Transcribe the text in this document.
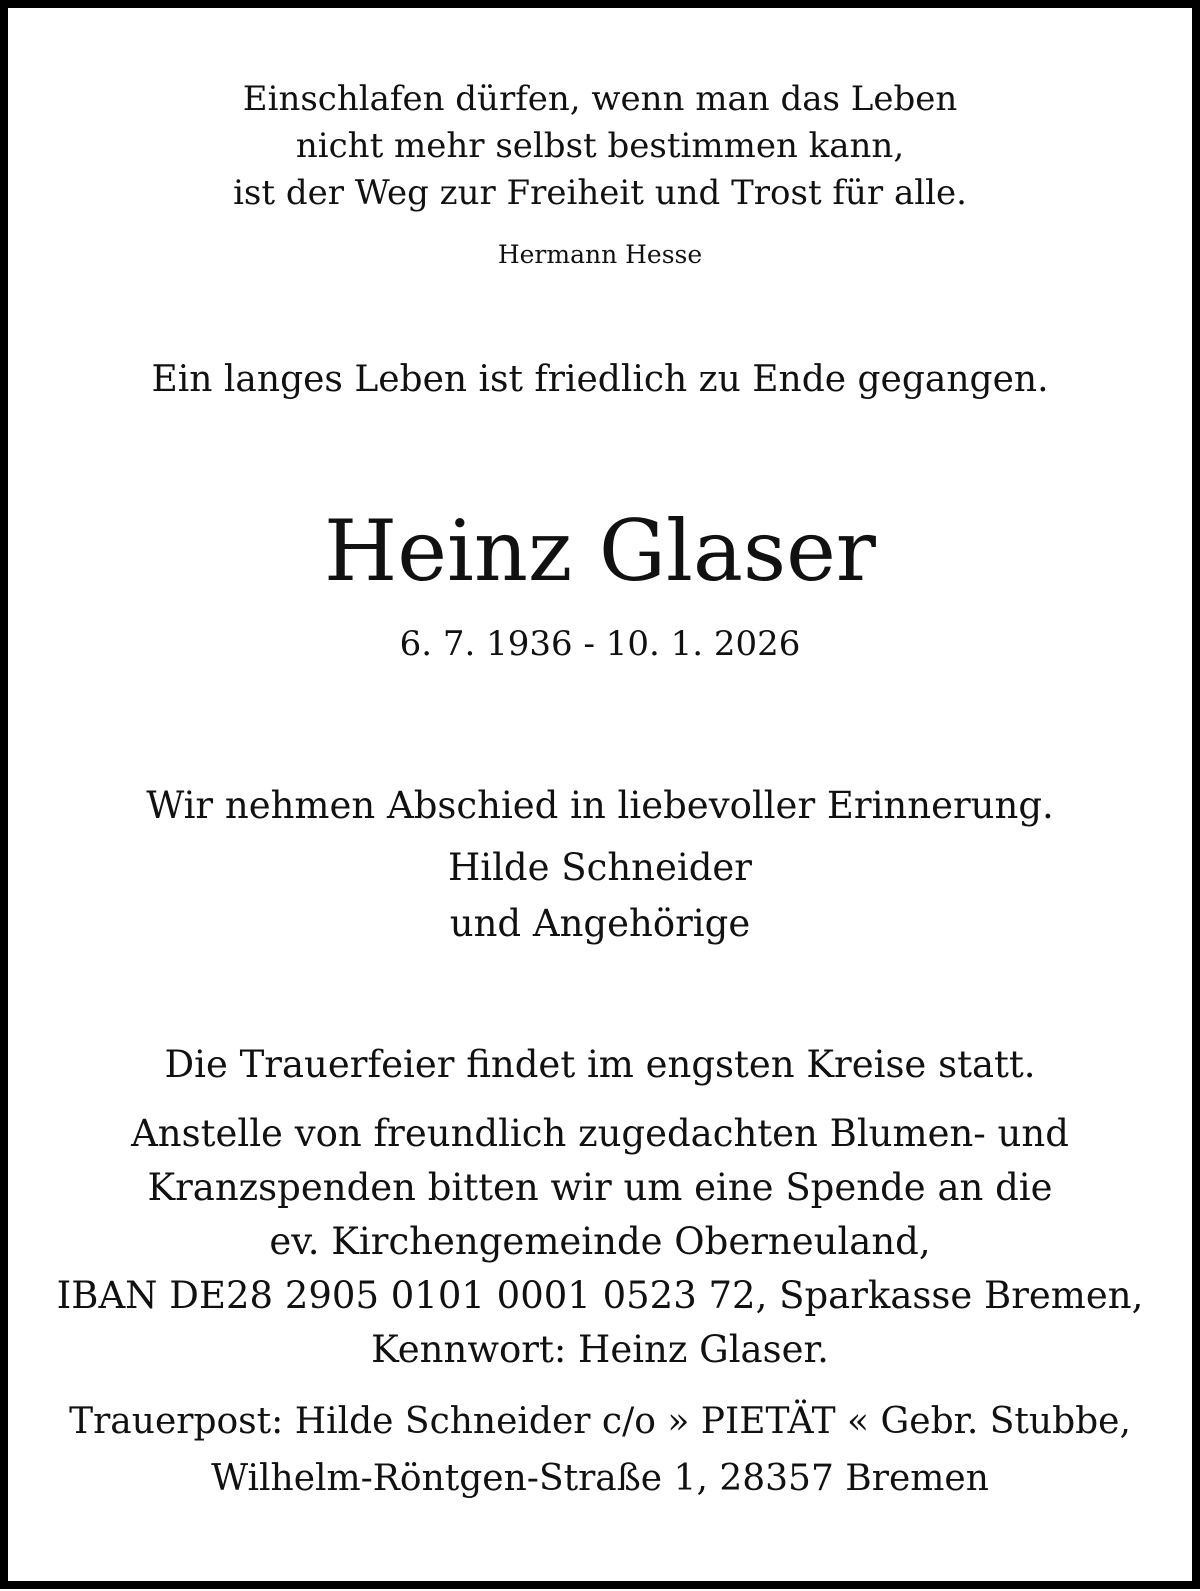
Einschlafen dürfen, wenn man das Leben
nicht mehr selbst bestimmen kann,
ist der Weg zur Freiheit und Trost für alle.
Hermann Hesse
Ein langes Leben ist friedlich zu Ende gegangen.
Heinz Glaser
6. 7. 1936 - 10. 1. 2026
Wir nehmen Abschied in liebevoller Erinnerung.
Hilde Schneider
und Angehörige
Die Trauerfeier findet im engsten Kreise statt.
Anstelle von freundlich zugedachten Blumen- und
Kranzspenden bitten wir um eine Spende an die
ev. Kirchengemeinde Oberneuland,
IBAN DE28 2905 0101 0001 0523 72, Sparkasse Bremen,
Kennwort: Heinz Glaser.
Trauerpost: Hilde Schneider c/o » PIETÄT « Gebr. Stubbe,
Wilhelm-Röntgen-Straße 1, 28357 Bremen
